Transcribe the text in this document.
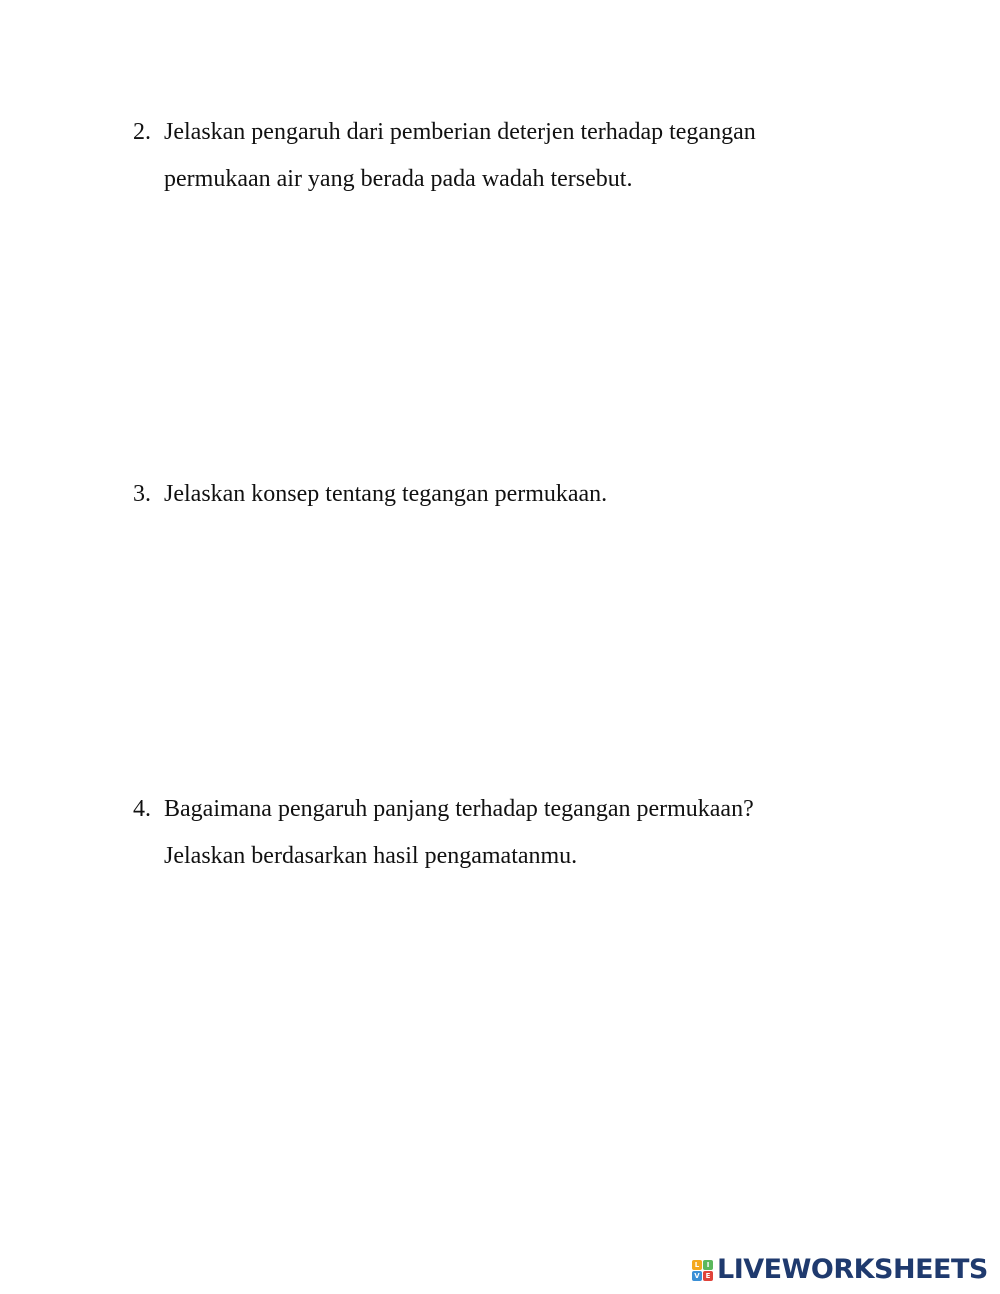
2. Jelaskan pengaruh dari pemberian deterjen terhadap tegangan
permukaan air yang berada pada wadah tersebut.
3. Jelaskan konsep tentang tegangan permukaan.
4. Bagaimana pengaruh panjang terhadap tegangan permukaan?
Jelaskan berdasarkan hasil pengamatanmu.
L	I
V E LIVEWORKSHEETS
